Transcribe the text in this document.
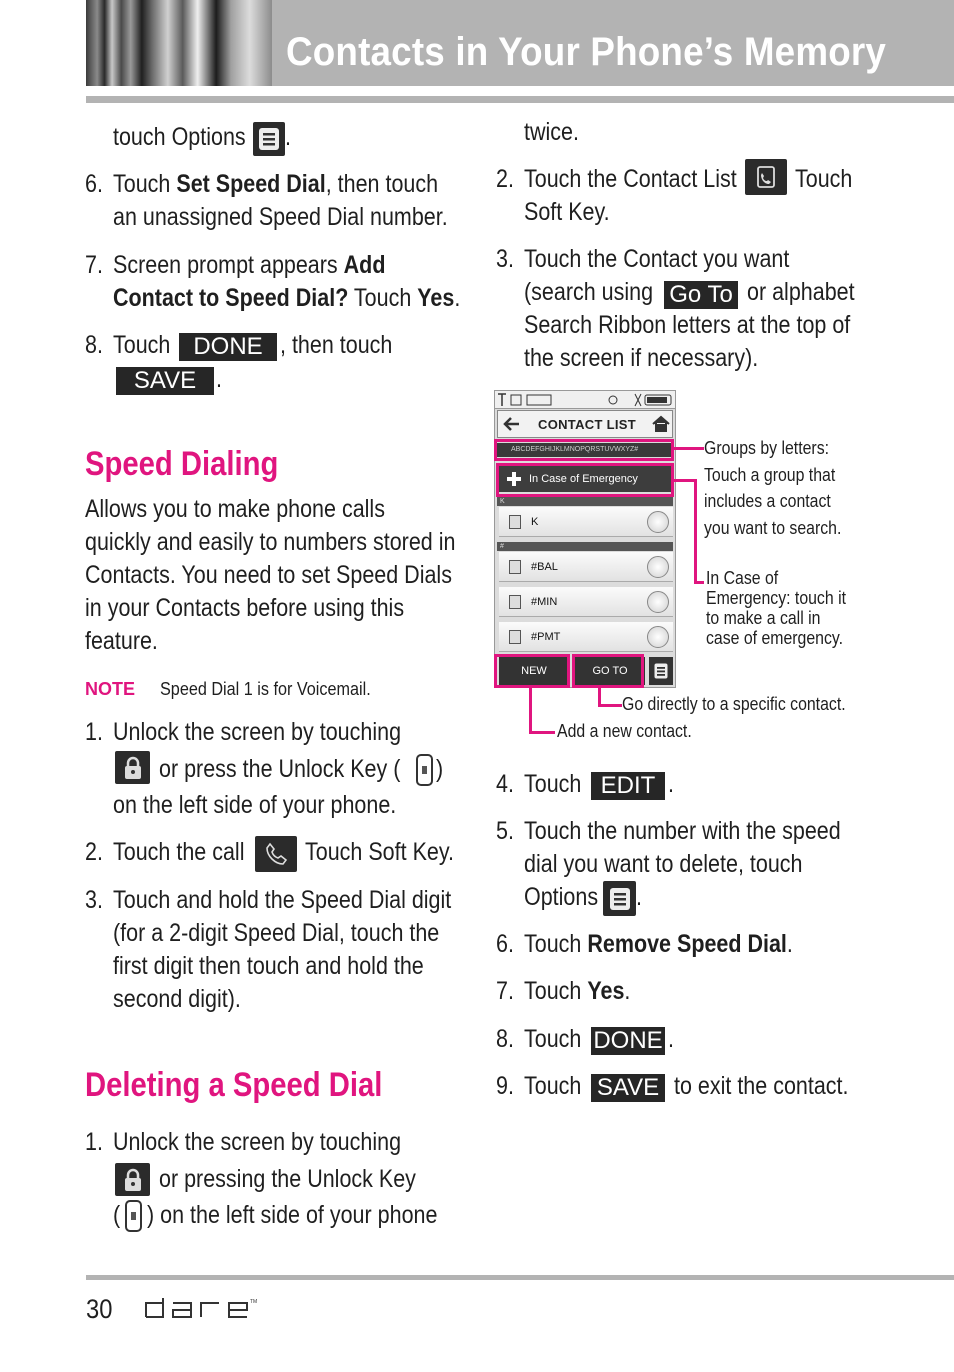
Contacts in Your Phone’s Memory
touch Options .
6. Touch Set Speed Dial, then touch
an unassigned Speed Dial number.
7. Screen prompt appears Add
Contact to Speed Dial? Touch Yes.
8. Touch DONE , then touch
SAVE .
Speed Dialing
Allows you to make phone calls
quickly and easily to numbers stored in
Contacts. You need to set Speed Dials
in your Contacts before using this
feature.
NOTE Speed Dial 1 is for Voicemail.
1. Unlock the screen by touching
or press the Unlock Key ( )
on the left side of your phone.
2. Touch the call Touch Soft Key.
3. Touch and hold the Speed Dial digit
(for a 2-digit Speed Dial, touch the
first digit then touch and hold the
second digit).
Deleting a Speed Dial
1. Unlock the screen by touching
or pressing the Unlock Key
( ) on the left side of your phone
twice.
2. Touch the Contact List Touch
Soft Key.
3. Touch the Contact you want
(search using Go To or alphabet
Search Ribbon letters at the top of
the screen if necessary).
CONTACT LIST
ABCDEFGHIJKLMNOPQRSTUVWXYZ#
In Case of Emergency
K
K
#
#BAL
#MIN
#PMT
NEW	GO TO
Groups by letters:
Touch a group that
includes a contact
you want to search.
In Case of
Emergency: touch it
to make a call in
case of emergency.
Go directly to a specific contact.
Add a new contact.
4. Touch EDIT .
5. Touch the number with the speed
dial you want to delete, touch
Options .
6. Touch Remove Speed Dial.
7. Touch Yes.
8. Touch DONE .
9. Touch SAVE to exit the contact.
30	TM
